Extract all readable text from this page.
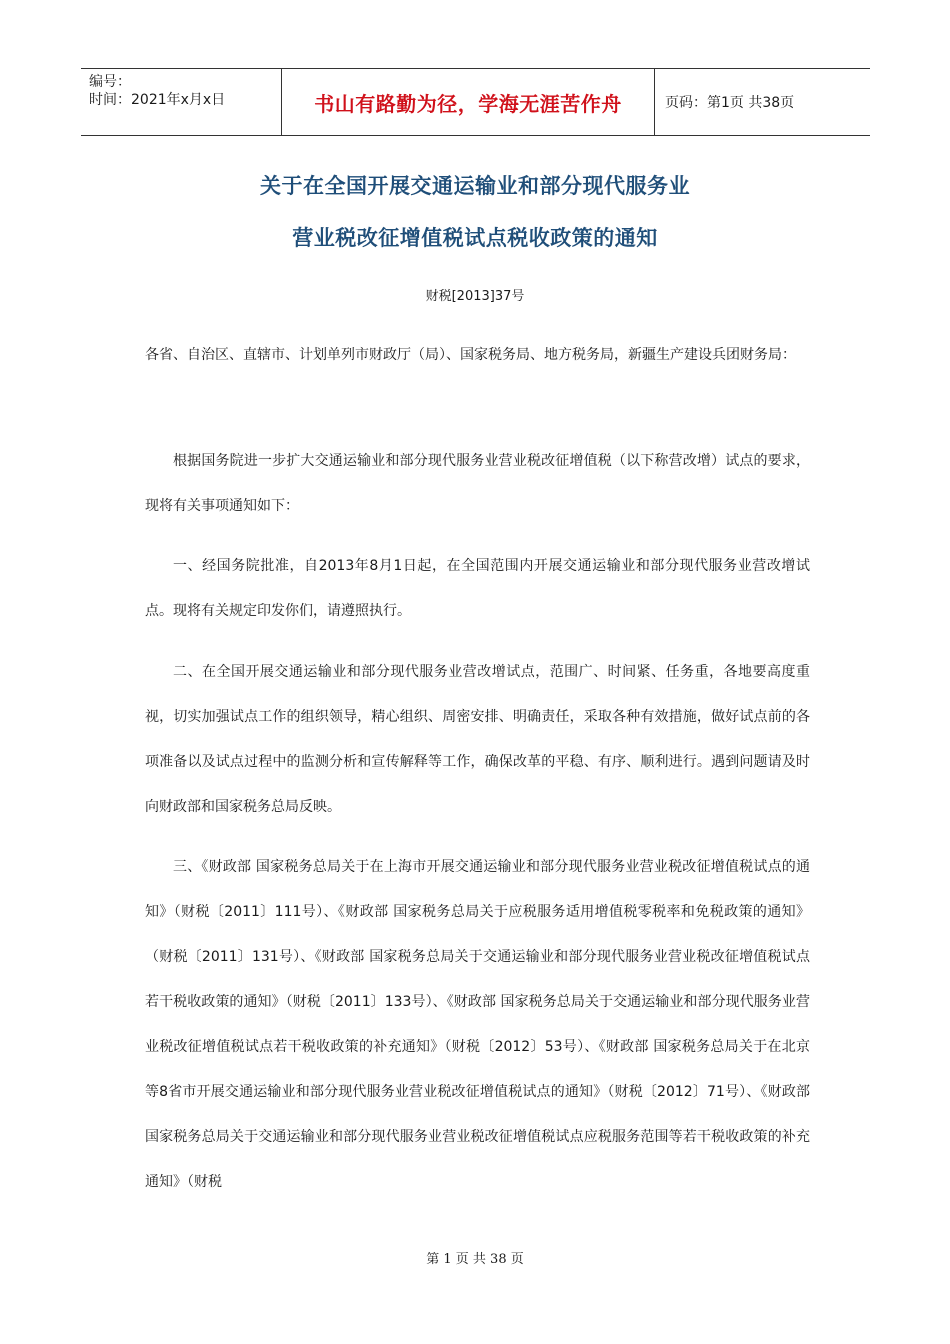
编号：
时间：2021年x月x日	书山有路勤为径，学海无涯苦作舟	页码：第1页 共38页
关于在全国开展交通运输业和部分现代服务业
营业税改征增值税试点税收政策的通知
财税[2013]37号
各省、自治区、直辖市、计划单列市财政厅（局）、国家税务局、地方税务局，新疆生产建设兵团财务局：
根据国务院进一步扩大交通运输业和部分现代服务业营业税改征增值税（以下称营改增）试点的要求，现将有关事项通知如下：
一、经国务院批准，自2013年8月1日起，在全国范围内开展交通运输业和部分现代服务业营改增试点。现将有关规定印发你们，请遵照执行。
二、在全国开展交通运输业和部分现代服务业营改增试点，范围广、时间紧、任务重，各地要高度重视，切实加强试点工作的组织领导，精心组织、周密安排、明确责任，采取各种有效措施，做好试点前的各项准备以及试点过程中的监测分析和宣传解释等工作，确保改革的平稳、有序、顺利进行。遇到问题请及时向财政部和国家税务总局反映。
三、《财政部 国家税务总局关于在上海市开展交通运输业和部分现代服务业营业税改征增值税试点的通知》（财税〔2011〕111号）、《财政部 国家税务总局关于应税服务适用增值税零税率和免税政策的通知》（财税〔2011〕131号）、《财政部 国家税务总局关于交通运输业和部分现代服务业营业税改征增值税试点若干税收政策的通知》（财税〔2011〕133号）、《财政部 国家税务总局关于交通运输业和部分现代服务业营业税改征增值税试点若干税收政策的补充通知》（财税〔2012〕53号）、《财政部 国家税务总局关于在北京等8省市开展交通运输业和部分现代服务业营业税改征增值税试点的通知》（财税〔2012〕71号）、《财政部 国家税务总局关于交通运输业和部分现代服务业营业税改征增值税试点应税服务范围等若干税收政策的补充通知》（财税
第 1 页 共 38 页
